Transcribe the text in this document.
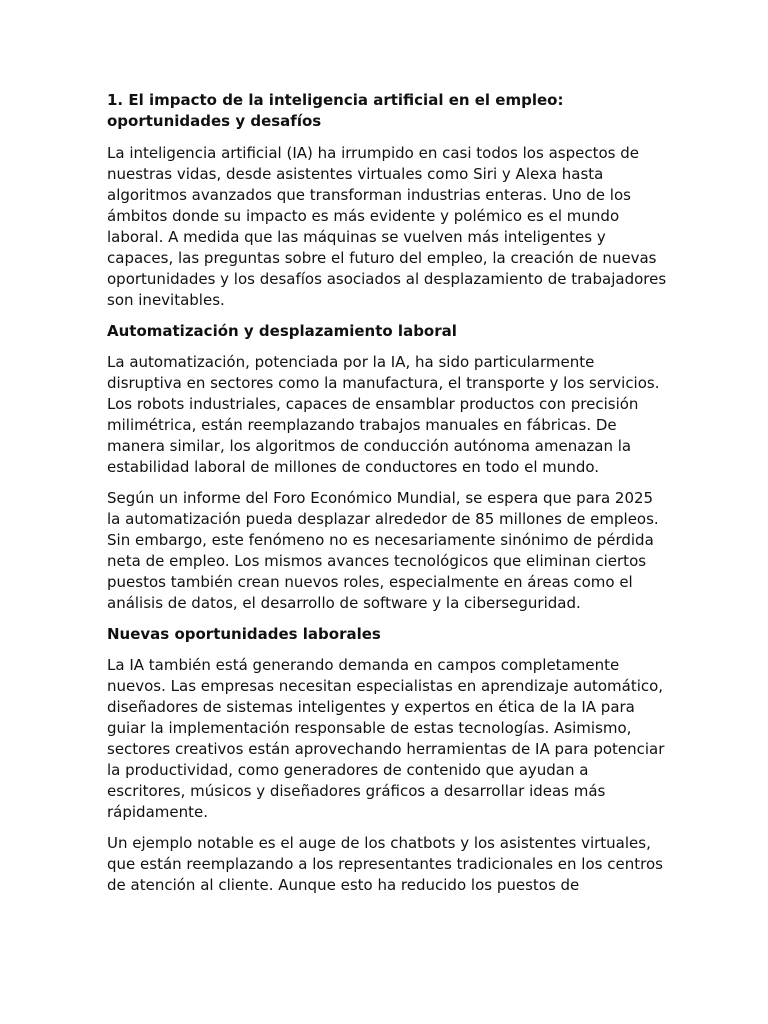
1. El impacto de la inteligencia artificial en el empleo: oportunidades y desafíos

La inteligencia artificial (IA) ha irrumpido en casi todos los aspectos de nuestras vidas, desde asistentes virtuales como Siri y Alexa hasta algoritmos avanzados que transforman industrias enteras. Uno de los ámbitos donde su impacto es más evidente y polémico es el mundo laboral. A medida que las máquinas se vuelven más inteligentes y capaces, las preguntas sobre el futuro del empleo, la creación de nuevas oportunidades y los desafíos asociados al desplazamiento de trabajadores son inevitables.

Automatización y desplazamiento laboral

La automatización, potenciada por la IA, ha sido particularmente disruptiva en sectores como la manufactura, el transporte y los servicios. Los robots industriales, capaces de ensamblar productos con precisión milimétrica, están reemplazando trabajos manuales en fábricas. De manera similar, los algoritmos de conducción autónoma amenazan la estabilidad laboral de millones de conductores en todo el mundo.

Según un informe del Foro Económico Mundial, se espera que para 2025 la automatización pueda desplazar alrededor de 85 millones de empleos. Sin embargo, este fenómeno no es necesariamente sinónimo de pérdida neta de empleo. Los mismos avances tecnológicos que eliminan ciertos puestos también crean nuevos roles, especialmente en áreas como el análisis de datos, el desarrollo de software y la ciberseguridad.

Nuevas oportunidades laborales

La IA también está generando demanda en campos completamente nuevos. Las empresas necesitan especialistas en aprendizaje automático, diseñadores de sistemas inteligentes y expertos en ética de la IA para guiar la implementación responsable de estas tecnologías. Asimismo, sectores creativos están aprovechando herramientas de IA para potenciar la productividad, como generadores de contenido que ayudan a escritores, músicos y diseñadores gráficos a desarrollar ideas más rápidamente.

Un ejemplo notable es el auge de los chatbots y los asistentes virtuales, que están reemplazando a los representantes tradicionales en los centros de atención al cliente. Aunque esto ha reducido los puestos de
